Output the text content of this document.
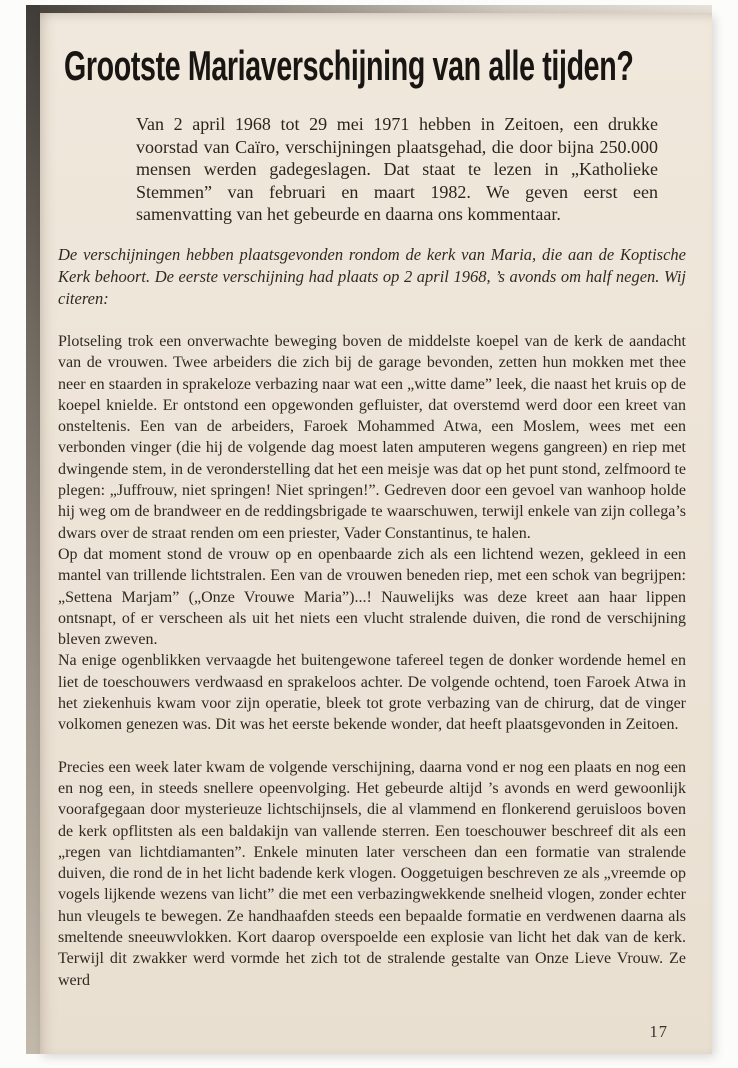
Grootste Mariaverschijning van alle tijden?

Van 2 april 1968 tot 29 mei 1971 hebben in Zeitoen, een drukke voorstad van Caïro, verschijningen plaatsgehad, die door bijna 250.000 mensen werden gadegeslagen. Dat staat te lezen in „Katholieke Stemmen” van februari en maart 1982. We geven eerst een samenvatting van het gebeurde en daarna ons kommentaar.

De verschijningen hebben plaatsgevonden rondom de kerk van Maria, die aan de Koptische Kerk behoort. De eerste verschijning had plaats op 2 april 1968, ’s avonds om half negen. Wij citeren:

Plotseling trok een onverwachte beweging boven de middelste koepel van de kerk de aandacht van de vrouwen. Twee arbeiders die zich bij de garage bevonden, zetten hun mokken met thee neer en staarden in sprakeloze verbazing naar wat een „witte dame” leek, die naast het kruis op de koepel knielde. Er ontstond een opgewonden gefluister, dat overstemd werd door een kreet van onsteltenis. Een van de arbeiders, Faroek Mohammed Atwa, een Moslem, wees met een verbonden vinger (die hij de volgende dag moest laten amputeren wegens gangreen) en riep met dwingende stem, in de veronderstelling dat het een meisje was dat op het punt stond, zelfmoord te plegen: „Juffrouw, niet springen! Niet springen!”. Gedreven door een gevoel van wanhoop holde hij weg om de brandweer en de reddingsbrigade te waarschuwen, terwijl enkele van zijn collega’s dwars over de straat renden om een priester, Vader Constantinus, te halen.

Op dat moment stond de vrouw op en openbaarde zich als een lichtend wezen, gekleed in een mantel van trillende lichtstralen. Een van de vrouwen beneden riep, met een schok van begrijpen: „Settena Marjam” („Onze Vrouwe Maria”)...! Nauwelijks was deze kreet aan haar lippen ontsnapt, of er verscheen als uit het niets een vlucht stralende duiven, die rond de verschijning bleven zweven.

Na enige ogenblikken vervaagde het buitengewone tafereel tegen de donker wordende hemel en liet de toeschouwers verdwaasd en sprakeloos achter. De volgende ochtend, toen Faroek Atwa in het ziekenhuis kwam voor zijn operatie, bleek tot grote verbazing van de chirurg, dat de vinger volkomen genezen was. Dit was het eerste bekende wonder, dat heeft plaatsgevonden in Zeitoen.

Precies een week later kwam de volgende verschijning, daarna vond er nog een plaats en nog een en nog een, in steeds snellere opeenvolging. Het gebeurde altijd ’s avonds en werd gewoonlijk voorafgegaan door mysterieuze lichtschijnsels, die al vlammend en flonkerend geruisloos boven de kerk opflitsten als een baldakijn van vallende sterren. Een toeschouwer beschreef dit als een „regen van lichtdiamanten”. Enkele minuten later verscheen dan een formatie van stralende duiven, die rond de in het licht badende kerk vlogen. Ooggetuigen beschreven ze als „vreemde op vogels lijkende wezens van licht” die met een verbazingwekkende snelheid vlogen, zonder echter hun vleugels te bewegen. Ze handhaafden steeds een bepaalde formatie en verdwenen daarna als smeltende sneeuwvlokken. Kort daarop overspoelde een explosie van licht het dak van de kerk. Terwijl dit zwakker werd vormde het zich tot de stralende gestalte van Onze Lieve Vrouw. Ze werd

17
